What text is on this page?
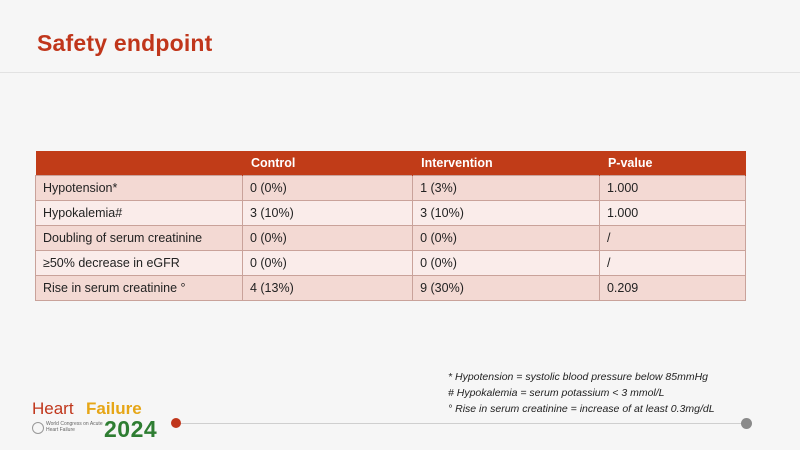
Safety endpoint
	Control	Intervention	P-value
Hypotension*	0 (0%)	1 (3%)	1.000
Hypokalemia#	3 (10%)	3 (10%)	1.000
Doubling of serum creatinine	0 (0%)	0 (0%)	/
≥50% decrease in eGFR	0 (0%)	0 (0%)	/
Rise in serum creatinine °	4 (13%)	9 (30%)	0.209
* Hypotension = systolic blood pressure below 85mmHg
# Hypokalemia = serum potassium < 3 mmol/L
° Rise in serum creatinine = increase of at least 0.3mg/dL
Heart Failure
World Congress on Acute Heart Failure	2024
